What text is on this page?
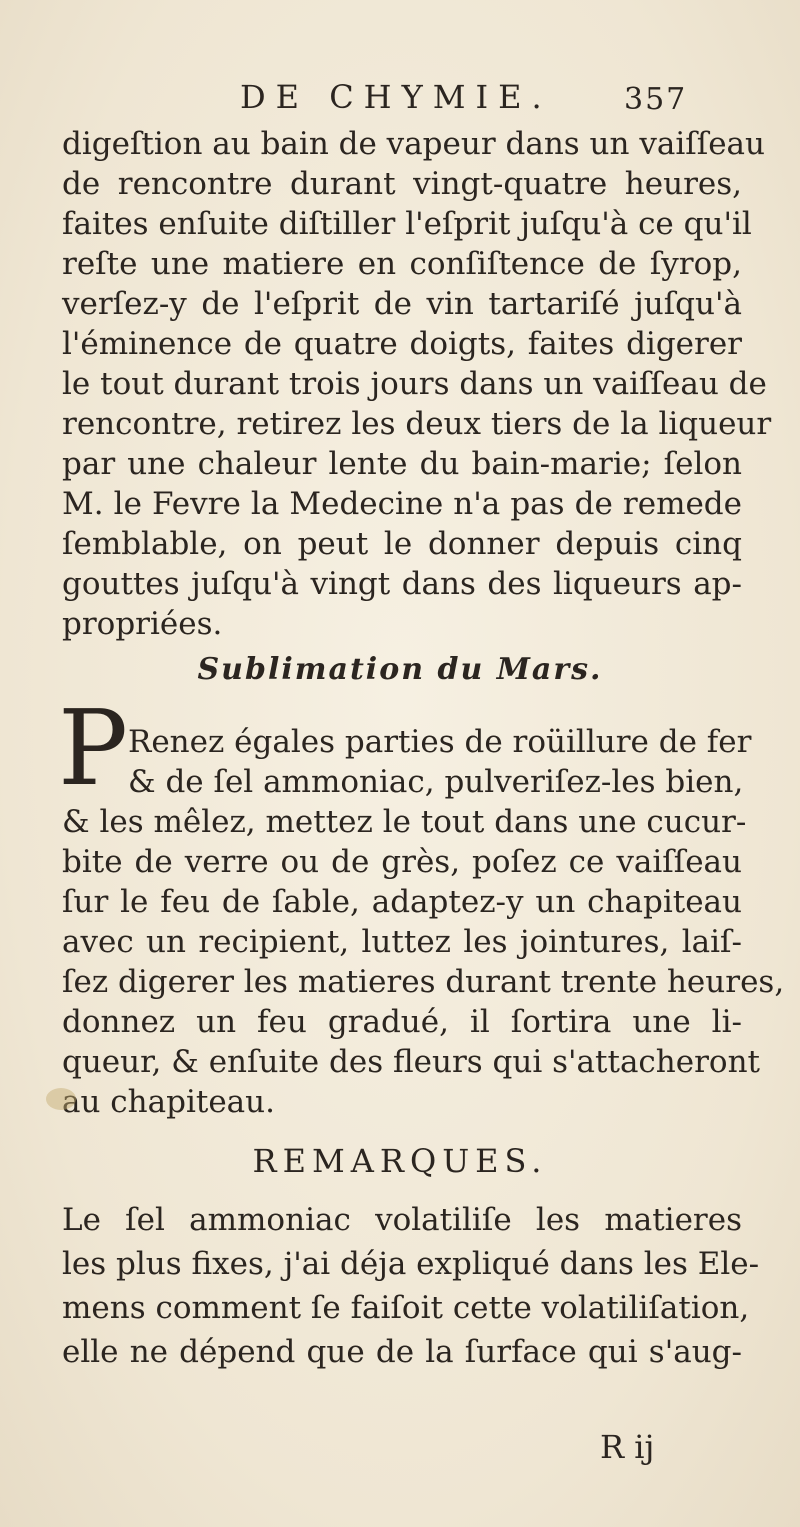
DE CHYMIE. 357
digeſtion au bain de vapeur dans un vaiſſeau
de rencontre durant vingt-quatre heures,
faites enſuite diſtiller l'eſprit juſqu'à ce qu'il
reſte une matiere en conſiſtence de ſyrop,
verſez-y de l'eſprit de vin tartariſé juſqu'à
l'éminence de quatre doigts, faites digerer
le tout durant trois jours dans un vaiſſeau de
rencontre, retirez les deux tiers de la liqueur
par une chaleur lente du bain-marie; ſelon
M. le Fevre la Medecine n'a pas de remede
ſemblable, on peut le donner depuis cinq
gouttes juſqu'à vingt dans des liqueurs ap-
propriées.
Sublimation du Mars.
P Renez égales parties de roüillure de fer
& de ſel ammoniac, pulveriſez-les bien,
& les mêlez, mettez le tout dans une cucur-
bite de verre ou de grès, poſez ce vaiſſeau
ſur le feu de ſable, adaptez-y un chapiteau
avec un recipient, luttez les jointures, laiſ-
ſez digerer les matieres durant trente heures,
donnez un feu gradué, il ſortira une li-
queur, & enſuite des fleurs qui s'attacheront
au chapiteau.
REMARQUES.
Le ſel ammoniac volatiliſe les matieres
les plus fixes, j'ai déja expliqué dans les Ele-
mens comment ſe faiſoit cette volatiliſation,
elle ne dépend que de la ſurface qui s'aug-
R ij
